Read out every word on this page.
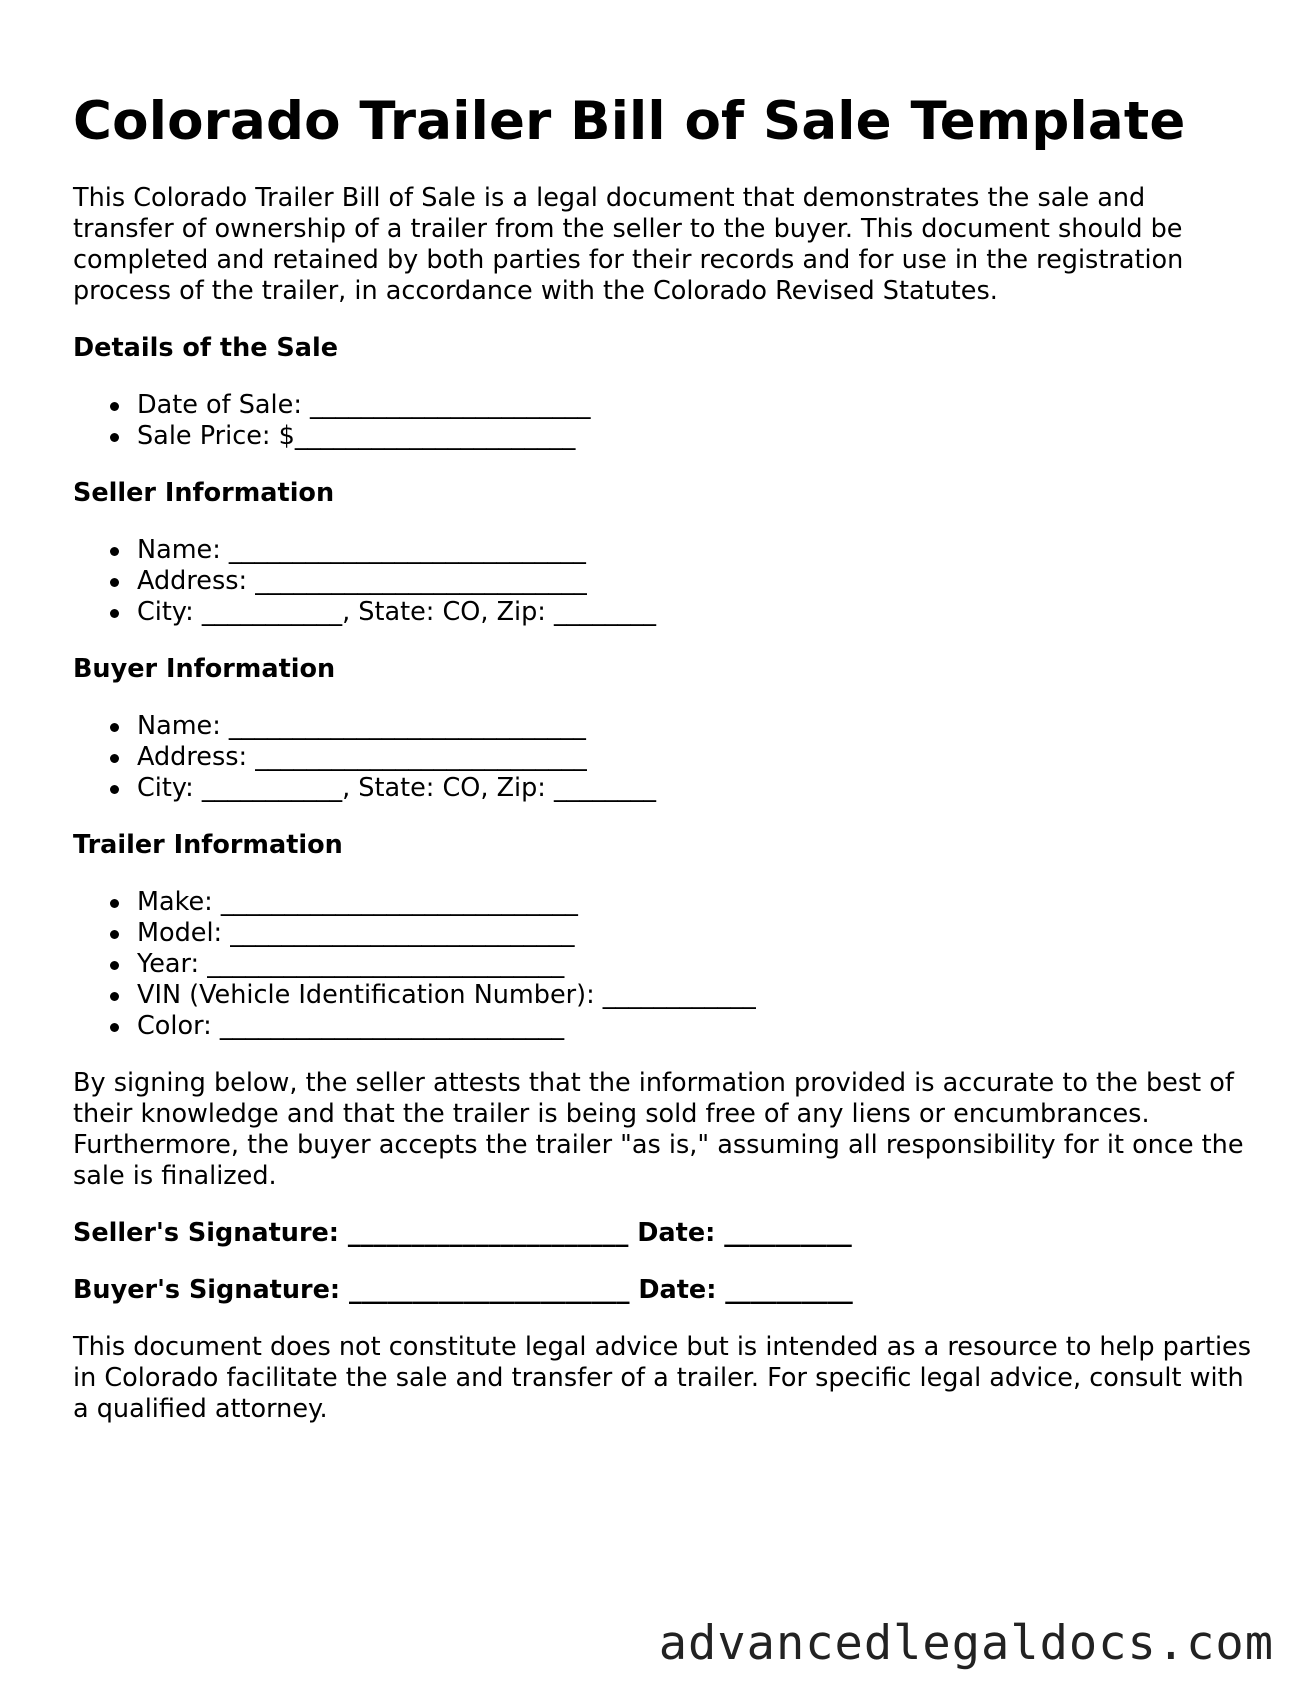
Colorado Trailer Bill of Sale Template

This Colorado Trailer Bill of Sale is a legal document that demonstrates the sale and transfer of ownership of a trailer from the seller to the buyer. This document should be completed and retained by both parties for their records and for use in the registration process of the trailer, in accordance with the Colorado Revised Statutes.

Details of the Sale
Date of Sale: ______________________
Sale Price: $______________________
Seller Information
Name: ____________________________
Address: __________________________
City: ___________, State: CO, Zip: ________
Buyer Information
Name: ____________________________
Address: __________________________
City: ___________, State: CO, Zip: ________
Trailer Information
Make: ____________________________
Model: ___________________________
Year: ____________________________
VIN (Vehicle Identification Number): ____________
Color: ___________________________

By signing below, the seller attests that the information provided is accurate to the best of their knowledge and that the trailer is being sold free of any liens or encumbrances. Furthermore, the buyer accepts the trailer "as is," assuming all responsibility for it once the sale is finalized.

Seller's Signature: ______________________ Date: __________

Buyer's Signature: ______________________ Date: __________

This document does not constitute legal advice but is intended as a resource to help parties in Colorado facilitate the sale and transfer of a trailer. For specific legal advice, consult with a qualified attorney.

advancedlegaldocs.com
